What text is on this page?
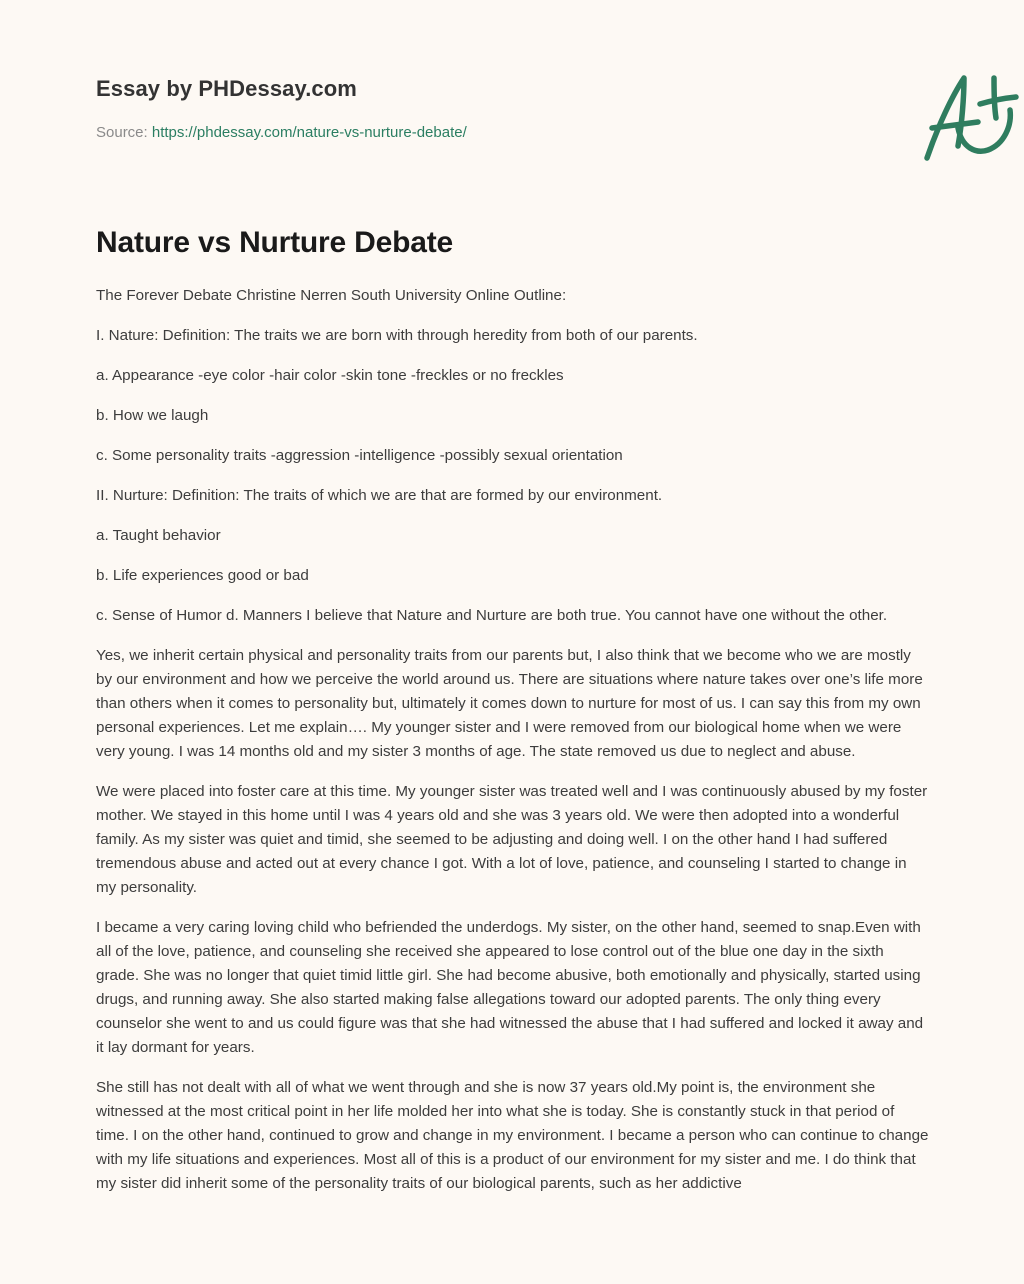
Essay by PHDessay.com
Source: https://phdessay.com/nature-vs-nurture-debate/
Nature vs Nurture Debate

The Forever Debate Christine Nerren South University Online Outline:

I. Nature: Definition: The traits we are born with through heredity from both of our parents.

a. Appearance -eye color -hair color -skin tone -freckles or no freckles

b. How we laugh

c. Some personality traits -aggression -intelligence -possibly sexual orientation

II. Nurture: Definition: The traits of which we are that are formed by our environment.

a. Taught behavior

b. Life experiences good or bad

c. Sense of Humor d. Manners I believe that Nature and Nurture are both true. You cannot have one without the other.

Yes, we inherit certain physical and personality traits from our parents but, I also think that we become who we are mostly by our environment and how we perceive the world around us. There are situations where nature takes over one’s life more than others when it comes to personality but, ultimately it comes down to nurture for most of us. I can say this from my own personal experiences. Let me explain…. My younger sister and I were removed from our biological home when we were very young. I was 14 months old and my sister 3 months of age. The state removed us due to neglect and abuse.

We were placed into foster care at this time. My younger sister was treated well and I was continuously abused by my foster mother. We stayed in this home until I was 4 years old and she was 3 years old. We were then adopted into a wonderful family. As my sister was quiet and timid, she seemed to be adjusting and doing well. I on the other hand I had suffered tremendous abuse and acted out at every chance I got. With a lot of love, patience, and counseling I started to change in my personality.

I became a very caring loving child who befriended the underdogs. My sister, on the other hand, seemed to snap.Even with all of the love, patience, and counseling she received she appeared to lose control out of the blue one day in the sixth grade. She was no longer that quiet timid little girl. She had become abusive, both emotionally and physically, started using drugs, and running away. She also started making false allegations toward our adopted parents. The only thing every counselor she went to and us could figure was that she had witnessed the abuse that I had suffered and locked it away and it lay dormant for years.

She still has not dealt with all of what we went through and she is now 37 years old.My point is, the environment she witnessed at the most critical point in her life molded her into what she is today. She is constantly stuck in that period of time. I on the other hand, continued to grow and change in my environment. I became a person who can continue to change with my life situations and experiences. Most all of this is a product of our environment for my sister and me. I do think that my sister did inherit some of the personality traits of our biological parents, such as her addictive
